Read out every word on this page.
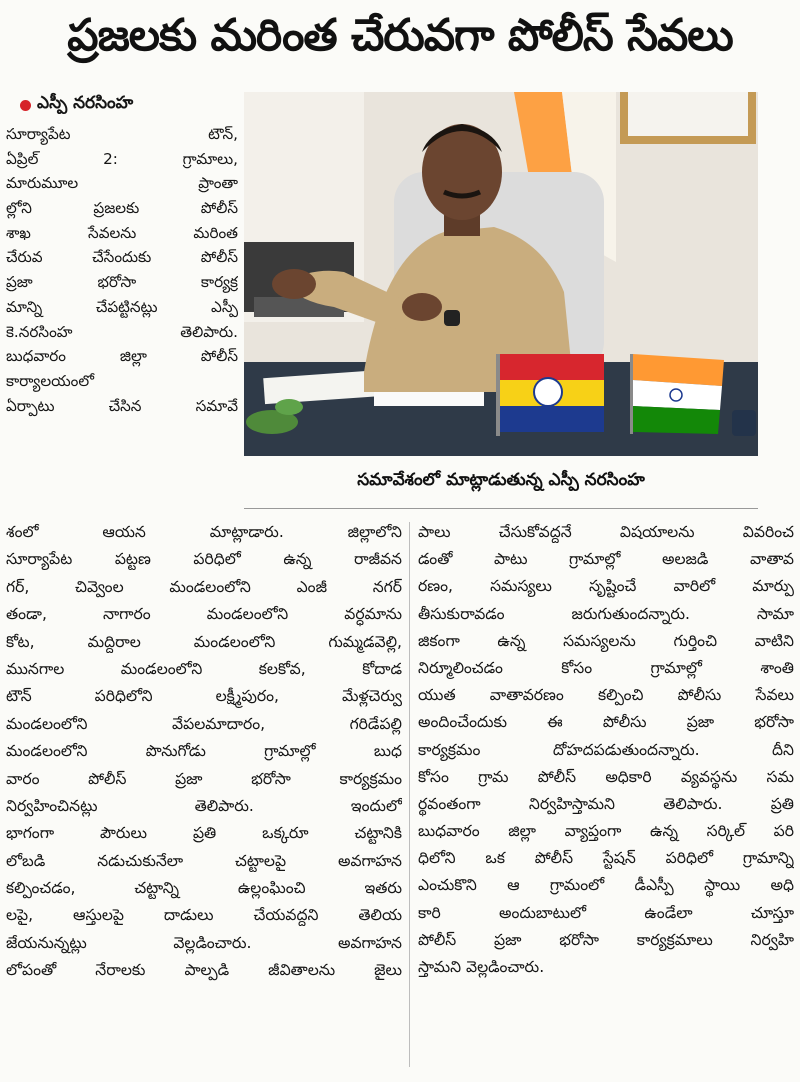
ప్రజలకు మరింత చేరువగా పోలీస్ సేవలు
ఎస్పీ నరసింహ
సూర్యాపేట టౌన్,
ఏప్రిల్ 2: గ్రామాలు,
మారుమూల ప్రాంతా
ల్లోని ప్రజలకు పోలీస్
శాఖ సేవలను మరింత
చేరువ చేసేందుకు పోలీస్
ప్రజా భరోసా కార్యక్ర
మాన్ని చేపట్టినట్లు ఎస్పీ
కె.నరసింహ తెలిపారు.
బుధవారం జిల్లా పోలీస్
కార్యాలయంలో
ఏర్పాటు చేసిన సమావే
సమావేశంలో మాట్లాడుతున్న ఎస్పీ నరసింహ
శంలో ఆయన మాట్లాడారు. జిల్లాలోని
సూర్యాపేట పట్టణ పరిధిలో ఉన్న రాజీవన
గర్, చివ్వెంల మండలంలోని ఎంజీ నగర్
తండా, నాగారం మండలంలోని వర్ధమాను
కోట, మద్దిరాల మండలంలోని గుమ్మడవెల్లి,
మునగాల మండలంలోని కలకోవ, కోదాడ
టౌన్ పరిధిలోని లక్ష్మీపురం, మేళ్లచెర్వు
మండలంలోని వేపలమాదారం, గరిడేపల్లి
మండలంలోని పొనుగోడు గ్రామాల్లో బుధ
వారం పోలీస్ ప్రజా భరోసా కార్యక్రమం
నిర్వహించినట్లు తెలిపారు. ఇందులో
భాగంగా పౌరులు ప్రతి ఒక్కరూ చట్టానికి
లోబడి నడుచుకునేలా చట్టాలపై అవగాహన
కల్పించడం, చట్టాన్ని ఉల్లంఘించి ఇతరు
లపై, ఆస్తులపై దాడులు చేయవద్దని తెలియ
జేయనున్నట్లు వెల్లడించారు. అవగాహన
లోపంతో నేరాలకు పాల్పడి జీవితాలను జైలు
పాలు చేసుకోవద్దనే విషయాలను వివరించ
డంతో పాటు గ్రామాల్లో అలజడి వాతావ
రణం, సమస్యలు సృష్టించే వారిలో మార్పు
తీసుకురావడం జరుగుతుందన్నారు. సామా
జికంగా ఉన్న సమస్యలను గుర్తించి వాటిని
నిర్మూలించడం కోసం గ్రామాల్లో శాంతి
యుత వాతావరణం కల్పించి పోలీసు సేవలు
అందించేందుకు ఈ పోలీసు ప్రజా భరోసా
కార్యక్రమం దోహదపడుతుందన్నారు. దీని
కోసం గ్రామ పోలీస్ అధికారి వ్యవస్థను సమ
ర్థవంతంగా నిర్వహిస్తామని తెలిపారు. ప్రతి
బుధవారం జిల్లా వ్యాప్తంగా ఉన్న సర్కిల్ పరి
ధిలోని ఒక పోలీస్ స్టేషన్ పరిధిలో గ్రామాన్ని
ఎంచుకొని ఆ గ్రామంలో డీఎస్పీ స్థాయి అధి
కారి అందుబాటులో ఉండేలా చూస్తూ
పోలీస్ ప్రజా భరోసా కార్యక్రమాలు నిర్వహి
స్తామని వెల్లడించారు.
